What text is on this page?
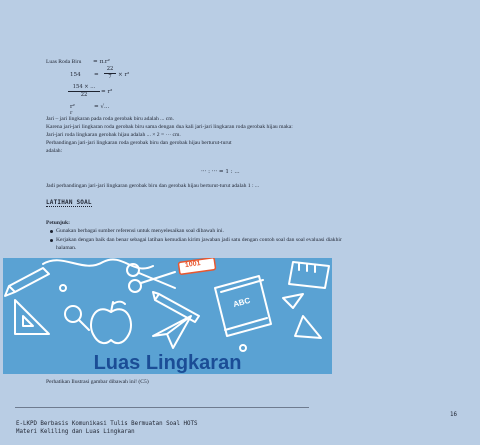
Luas Roda Biru = π.r²
154 =
22
7	× r²
154 × ...
22	= r²
r²	= √...
r
Jari – jari lingkaran pada roda gerobak biru adalah ... cm.
Karena jari-jari lingkaran roda gerobak biru sama dengan dua kali jari-jari lingkaran roda gerobak hijau maka:
Jari-jari roda lingkaran gerobak hijau adalah ... × 2 = ··· cm.
Perbandingan jari-jari lingkaran roda gerobak biru dan gerobak hijau berturut-turut
adalah:
··· : ··· = 1 : ...
Jadi perbandingan jari-jari lingkaran gerobak biru dan gerobak hijau berturut-turut adalah 1 : ...
LATIHAN SOAL
Petunjuk:
Gunakan berbagai sumber referensi untuk menyelesaikan soal dibawah ini.
Kerjakan dengan baik dan benar sebagai latihan kemudian kirim jawaban jadi satu dengan contoh soal dan soal evaluasi diakhir
halaman.
1001
ABC
Luas Lingkaran
Perhatikan Ilustrasi gambar dibawah ini! (C5)
16
E-LKPD Berbasis Komunikasi Tulis Bermuatan Soal HOTS
Materi Keliling dan Luas Lingkaran
